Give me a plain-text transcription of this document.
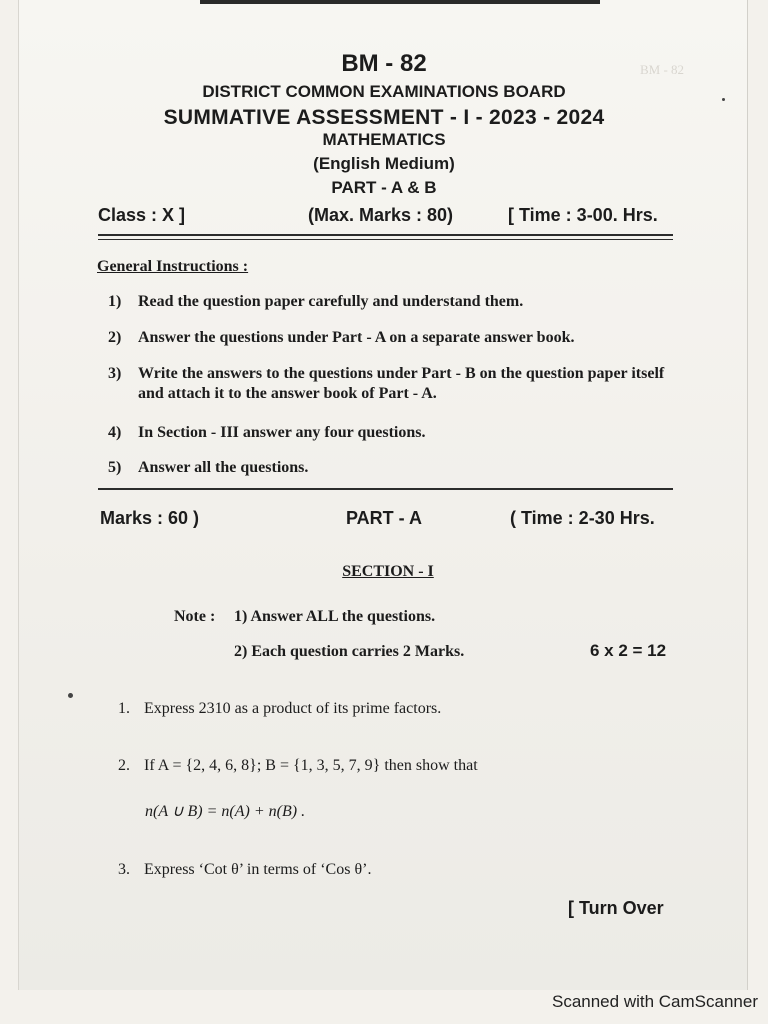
BM - 82
BM - 82
DISTRICT COMMON EXAMINATIONS BOARD
SUMMATIVE ASSESSMENT - I - 2023 - 2024
MATHEMATICS
(English Medium)
PART - A & B
Class : X ]	(Max. Marks : 80)	[ Time : 3-00. Hrs.
General Instructions :
1) Read the question paper carefully and understand them.
2) Answer the questions under Part - A on a separate answer book.
3) Write the answers to the questions under Part - B on the question paper itself and attach it to the answer book of Part - A.
4) In Section - III answer any four questions.
5) Answer all the questions.
Marks : 60 )	PART - A	( Time : 2-30 Hrs.
SECTION - I
Note : 1) Answer ALL the questions.
2) Each question carries 2 Marks.	6 x 2 = 12
1. Express 2310 as a product of its prime factors.
2. If A = {2, 4, 6, 8}; B = {1, 3, 5, 7, 9} then show that
n(A ∪ B) = n(A) + n(B) .
3. Express ‘Cot θ’ in terms of ‘Cos θ’.
[ Turn Over
Scanned with CamScanner
